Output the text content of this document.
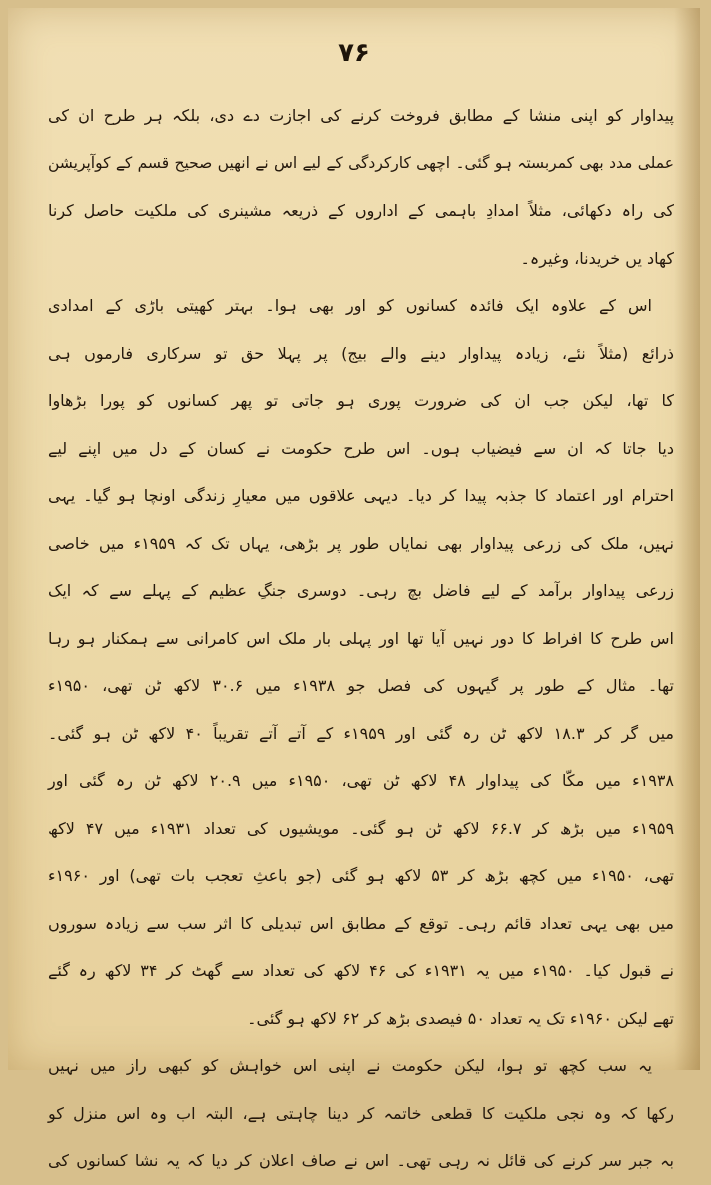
۷۶
پیداوار کو اپنی منشا کے مطابق فروخت کرنے کی اجازت دے دی، بلکہ ہر طرح ان کی
عملی مدد بھی کمربستہ ہو گئی۔ اچھی کارکردگی کے لیے اس نے انھیں صحیح قسم کے کوآپریشن
کی راہ دکھائی، مثلاً امدادِ باہمی کے اداروں کے ذریعہ مشینری کی ملکیت حاصل کرنا
کھاد یں خریدنا، وغیرہ۔
اس کے علاوہ ایک فائدہ کسانوں کو اور بھی ہوا۔ بہتر کھیتی باڑی کے امدادی
ذرائع (مثلاً نئے، زیادہ پیداوار دینے والے بیج) پر پہلا حق تو سرکاری فارموں ہی
کا تھا، لیکن جب ان کی ضرورت پوری ہو جاتی تو پھر کسانوں کو پورا بڑھاوا
دیا جاتا کہ ان سے فیضیاب ہوں۔ اس طرح حکومت نے کسان کے دل میں اپنے لیے
احترام اور اعتماد کا جذبہ پیدا کر دیا۔ دیہی علاقوں میں معیارِ زندگی اونچا ہو گیا۔ یہی
نہیں، ملک کی زرعی پیداوار بھی نمایاں طور پر بڑھی، یہاں تک کہ ۱۹۵۹ء میں خاصی
زرعی پیداوار برآمد کے لیے فاضل بچ رہی۔ دوسری جنگِ عظیم کے پہلے سے کہ ایک
اس طرح کا افراط کا دور نہیں آیا تھا اور پہلی بار ملک اس کامرانی سے ہمکنار ہو رہا
تھا۔ مثال کے طور پر گیہوں کی فصل جو ۱۹۳۸ء میں ۳۰.۶ لاکھ ٹن تھی، ۱۹۵۰ء
میں گر کر ۱۸.۳ لاکھ ٹن رہ گئی اور ۱۹۵۹ء کے آتے آتے تقریباً ۴۰ لاکھ ٹن ہو گئی۔
۱۹۳۸ء میں مکّا کی پیداوار ۴۸ لاکھ ٹن تھی، ۱۹۵۰ء میں ۲۰.۹ لاکھ ٹن رہ گئی اور
۱۹۵۹ء میں بڑھ کر ۶۶.۷ لاکھ ٹن ہو گئی۔ مویشیوں کی تعداد ۱۹۳۱ء میں ۴۷ لاکھ
تھی، ۱۹۵۰ء میں کچھ بڑھ کر ۵۳ لاکھ ہو گئی (جو باعثِ تعجب بات تھی) اور ۱۹۶۰ء
میں بھی یہی تعداد قائم رہی۔ توقع کے مطابق اس تبدیلی کا اثر سب سے زیادہ سوروں
نے قبول کیا۔ ۱۹۵۰ء میں یہ ۱۹۳۱ء کی ۴۶ لاکھ کی تعداد سے گھٹ کر ۳۴ لاکھ رہ گئے
تھے لیکن ۱۹۶۰ء تک یہ تعداد ۵۰ فیصدی بڑھ کر ۶۲ لاکھ ہو گئی۔
یہ سب کچھ تو ہوا، لیکن حکومت نے اپنی اس خواہش کو کبھی راز میں نہیں
رکھا کہ وہ نجی ملکیت کا قطعی خاتمہ کر دینا چاہتی ہے، البتہ اب وہ اس منزل کو
بہ جبر سر کرنے کی قائل نہ رہی تھی۔ اس نے صاف اعلان کر دیا کہ یہ نشا کسانوں کی
